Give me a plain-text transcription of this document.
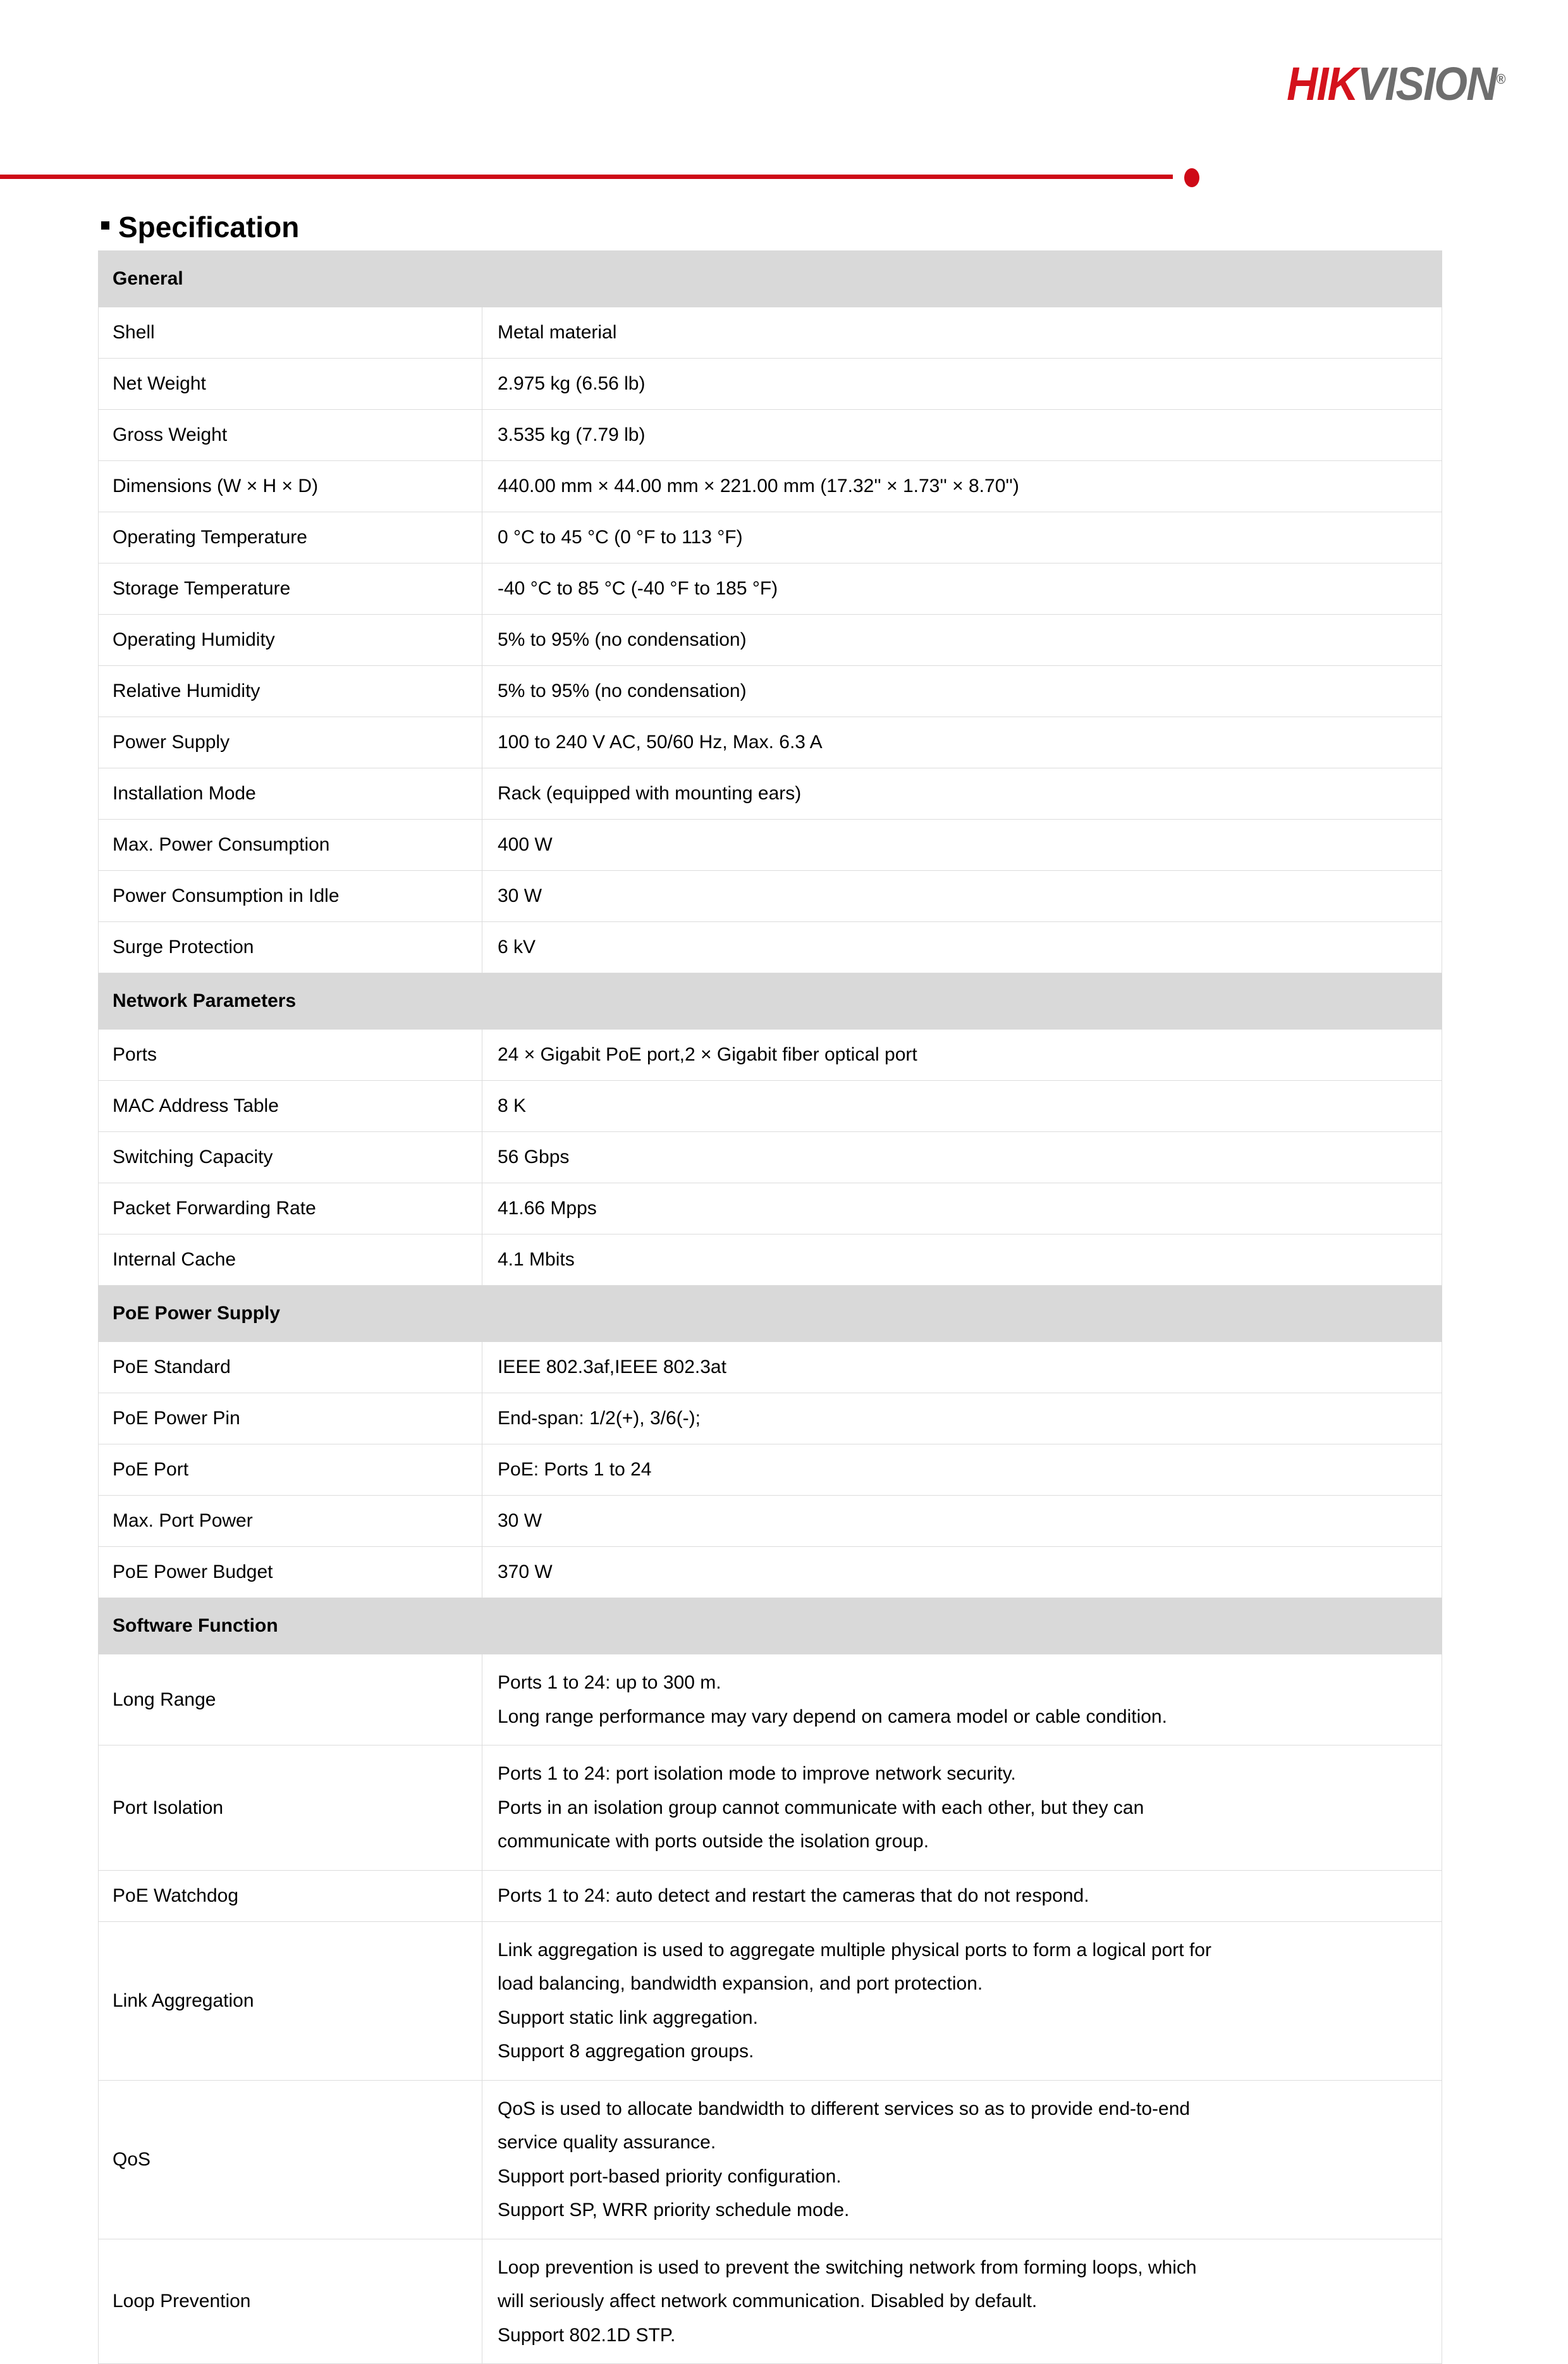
HIKVISION®
Specification
General	
Shell	Metal material
Net Weight	2.975 kg (6.56 lb)
Gross Weight	3.535 kg (7.79 lb)
Dimensions (W × H × D)	440.00 mm × 44.00 mm × 221.00 mm (17.32'' × 1.73'' × 8.70'')
Operating Temperature	0 °C to 45 °C (0 °F to 113 °F)
Storage Temperature	-40 °C to 85 °C (-40 °F to 185 °F)
Operating Humidity	5% to 95% (no condensation)
Relative Humidity	5% to 95% (no condensation)
Power Supply	100 to 240 V AC, 50/60 Hz, Max. 6.3 A
Installation Mode	Rack (equipped with mounting ears)
Max. Power Consumption	400 W
Power Consumption in Idle	30 W
Surge Protection	6 kV
Network Parameters	
Ports	24 × Gigabit PoE port,2 × Gigabit fiber optical port
MAC Address Table	8 K
Switching Capacity	56 Gbps
Packet Forwarding Rate	41.66 Mpps
Internal Cache	4.1 Mbits
PoE Power Supply	
PoE Standard	IEEE 802.3af,IEEE 802.3at
PoE Power Pin	End-span: 1/2(+), 3/6(-);
PoE Port	PoE: Ports 1 to 24
Max. Port Power	30 W
PoE Power Budget	370 W
Software Function	
Long Range	Ports 1 to 24: up to 300 m.
Long range performance may vary depend on camera model or cable condition.

Port Isolation	Ports 1 to 24: port isolation mode to improve network security.
Ports in an isolation group cannot communicate with each other, but they can
communicate with ports outside the isolation group.

PoE Watchdog	Ports 1 to 24: auto detect and restart the cameras that do not respond.
Link Aggregation	Link aggregation is used to aggregate multiple physical ports to form a logical port for
load balancing, bandwidth expansion, and port protection.
Support static link aggregation.
Support 8 aggregation groups.

QoS	QoS is used to allocate bandwidth to different services so as to provide end-to-end
service quality assurance.
Support port-based priority configuration.
Support SP, WRR priority schedule mode.

Loop Prevention	Loop prevention is used to prevent the switching network from forming loops, which
will seriously affect network communication. Disabled by default.
Support 802.1D STP.
